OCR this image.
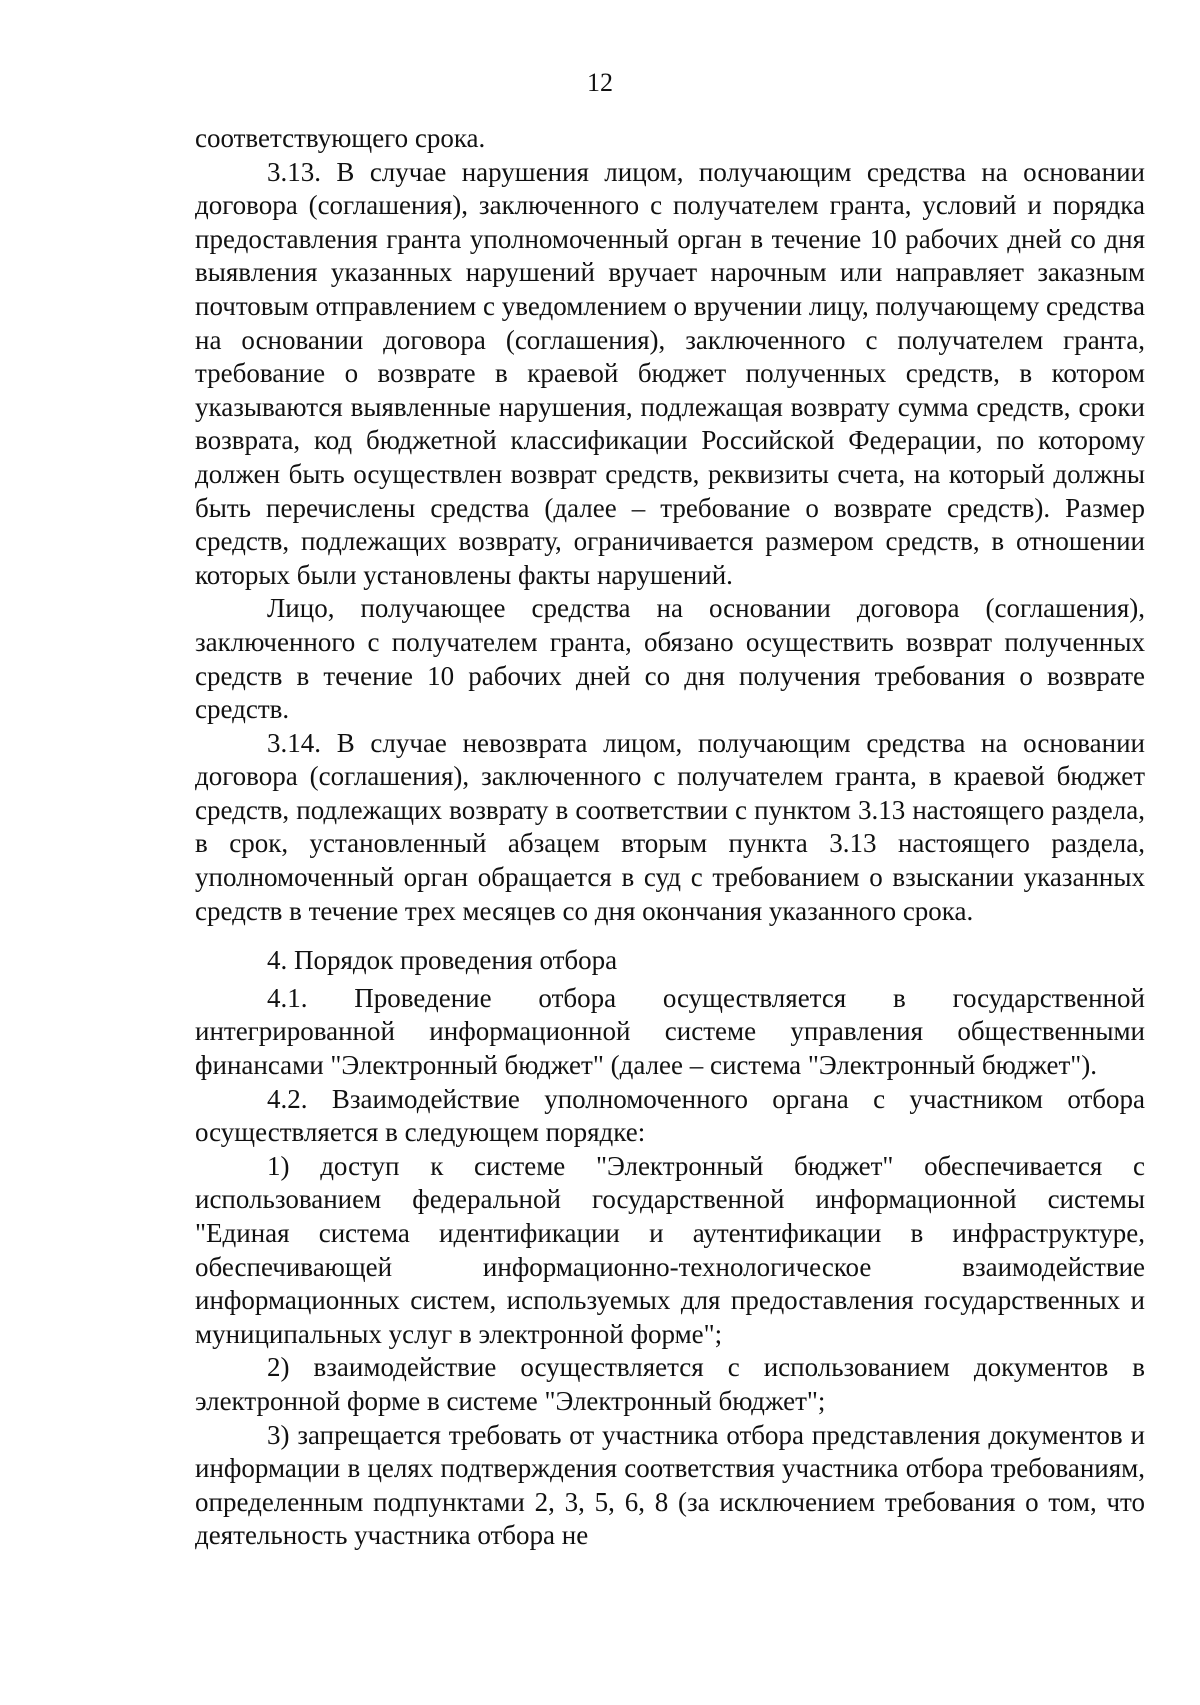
12

соответствующего срока.

3.13. В случае нарушения лицом, получающим средства на основании договора (соглашения), заключенного с получателем гранта, условий и порядка предоставления гранта уполномоченный орган в течение 10 рабочих дней со дня выявления указанных нарушений вручает нарочным или направляет заказным почтовым отправлением с уведомлением о вручении лицу, получающему средства на основании договора (соглашения), заключенного с получателем гранта, требование о возврате в краевой бюджет полученных средств, в котором указываются выявленные нарушения, подлежащая возврату сумма средств, сроки возврата, код бюджетной классификации Российской Федерации, по которому должен быть осуществлен возврат средств, реквизиты счета, на который должны быть перечислены средства (далее – требование о возврате средств). Размер средств, подлежащих возврату, ограничивается размером средств, в отношении которых были установлены факты нарушений.

Лицо, получающее средства на основании договора (соглашения), заключенного с получателем гранта, обязано осуществить возврат полученных средств в течение 10 рабочих дней со дня получения требования о возврате средств.

3.14. В случае невозврата лицом, получающим средства на основании договора (соглашения), заключенного с получателем гранта, в краевой бюджет средств, подлежащих возврату в соответствии с пунктом 3.13 настоящего раздела, в срок, установленный абзацем вторым пункта 3.13 настоящего раздела, уполномоченный орган обращается в суд с требованием о взыскании указанных средств в течение трех месяцев со дня окончания указанного срока.

4. Порядок проведения отбора

4.1. Проведение отбора осуществляется в государственной интегрированной информационной системе управления общественными финансами "Электронный бюджет" (далее – система "Электронный бюджет").

4.2. Взаимодействие уполномоченного органа с участником отбора осуществляется в следующем порядке:

1) доступ к системе "Электронный бюджет" обеспечивается с использованием федеральной государственной информационной системы "Единая система идентификации и аутентификации в инфраструктуре, обеспечивающей информационно-технологическое взаимодействие информационных систем, используемых для предоставления государственных и муниципальных услуг в электронной форме";

2) взаимодействие осуществляется с использованием документов в электронной форме в системе "Электронный бюджет";

3) запрещается требовать от участника отбора представления документов и информации в целях подтверждения соответствия участника отбора требованиям, определенным подпунктами 2, 3, 5, 6, 8 (за исключением требования о том, что деятельность участника отбора не
